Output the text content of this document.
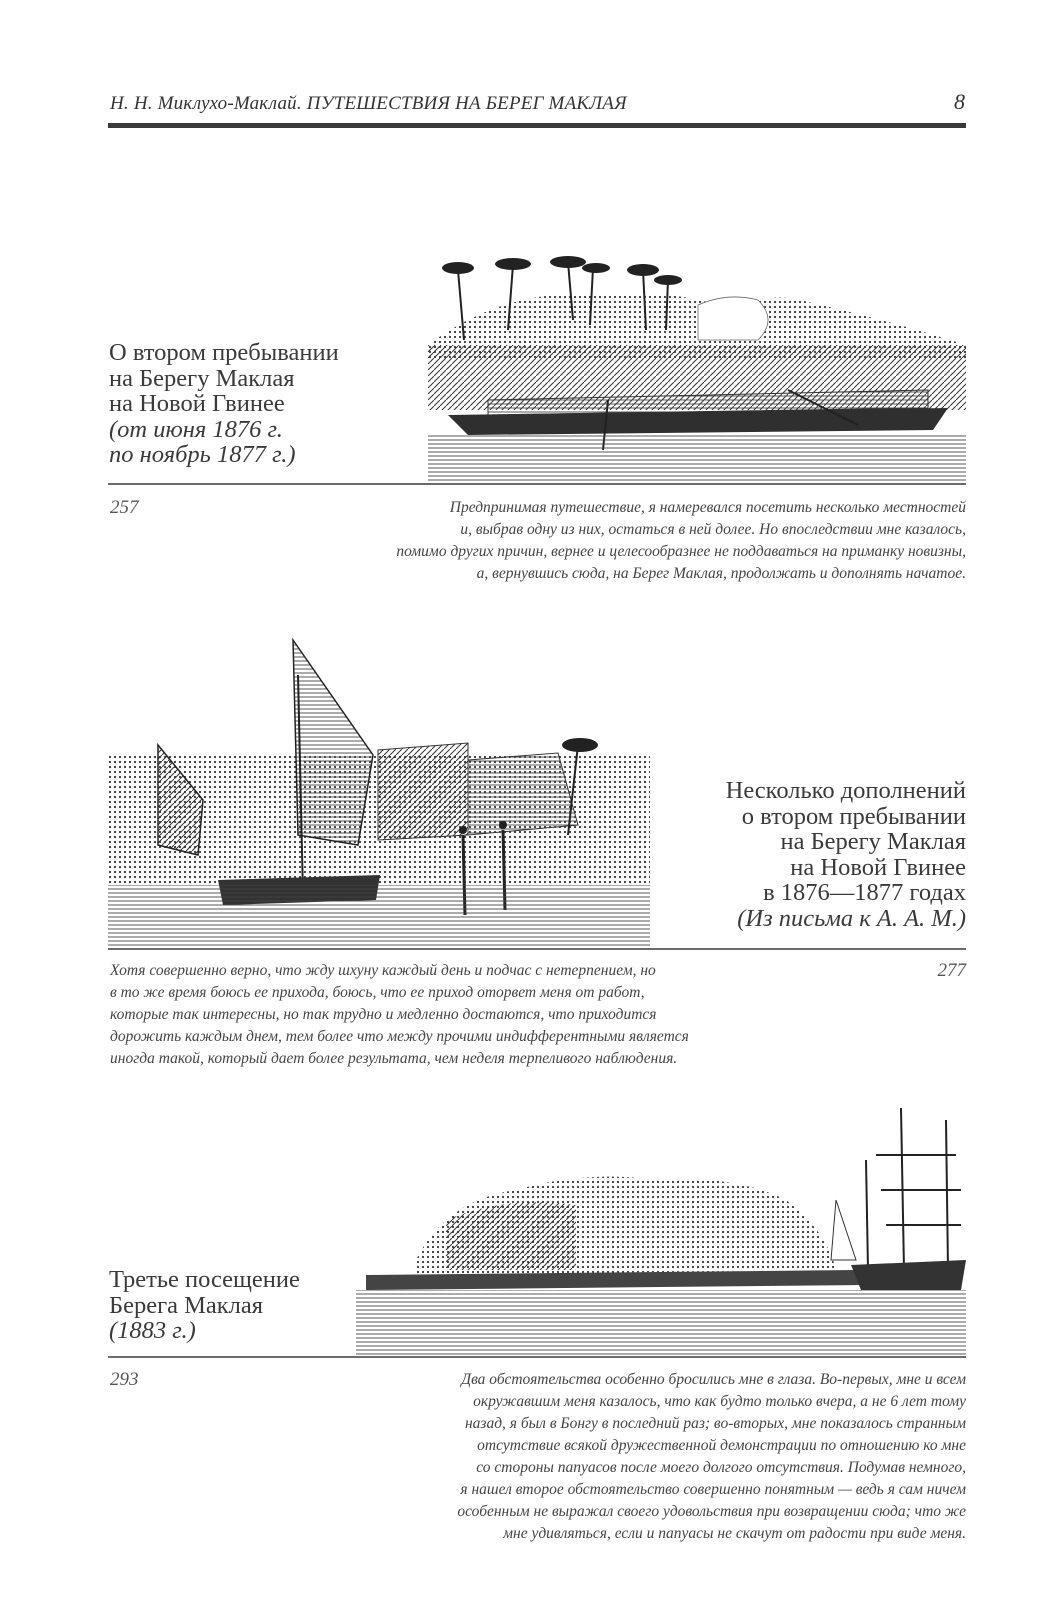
Н. Н. Миклухо-Маклай. ПУТЕШЕСТВИЯ НА БЕРЕГ МАКЛАЯ	8
О втором пребывании
на Берегу Маклая
на Новой Гвинее
(от июня 1876 г.
по ноябрь 1877 г.)
257	Предпринимая путешествие, я намеревался посетить несколько местностей
и, выбрав одну из них, остаться в ней долее. Но впоследствии мне казалось,
помимо других причин, вернее и целесообразнее не поддаваться на приманку новизны,
а, вернувшись сюда, на Берег Маклая, продолжать и дополнять начатое.
Несколько дополнений
о втором пребывании
на Берегу Маклая
на Новой Гвинее
в 1876—1877 годах
(Из письма к А. А. М.)
Хотя совершенно верно, что жду шхуну каждый день и подчас с нетерпением, но
в то же время боюсь ее прихода, боюсь, что ее приход оторвет меня от работ,
которые так интересны, но так трудно и медленно достаются, что приходится
дорожить каждым днем, тем более что между прочими индифферентными является
иногда такой, который дает более результата, чем неделя терпеливого наблюдения.
277
Третье посещение
Берега Маклая
(1883 г.)
293	Два обстоятельства особенно бросились мне в глаза. Во-первых, мне и всем
окружавшим меня казалось, что как будто только вчера, а не 6 лет тому
назад, я был в Бонгу в последний раз; во-вторых, мне показалось странным
отсутствие всякой дружественной демонстрации по отношению ко мне
со стороны папуасов после моего долгого отсутствия. Подумав немного,
я нашел второе обстоятельство совершенно понятным — ведь я сам ничем
особенным не выражал своего удовольствия при возвращении сюда; что же
мне удивляться, если и папуасы не скачут от радости при виде меня.
